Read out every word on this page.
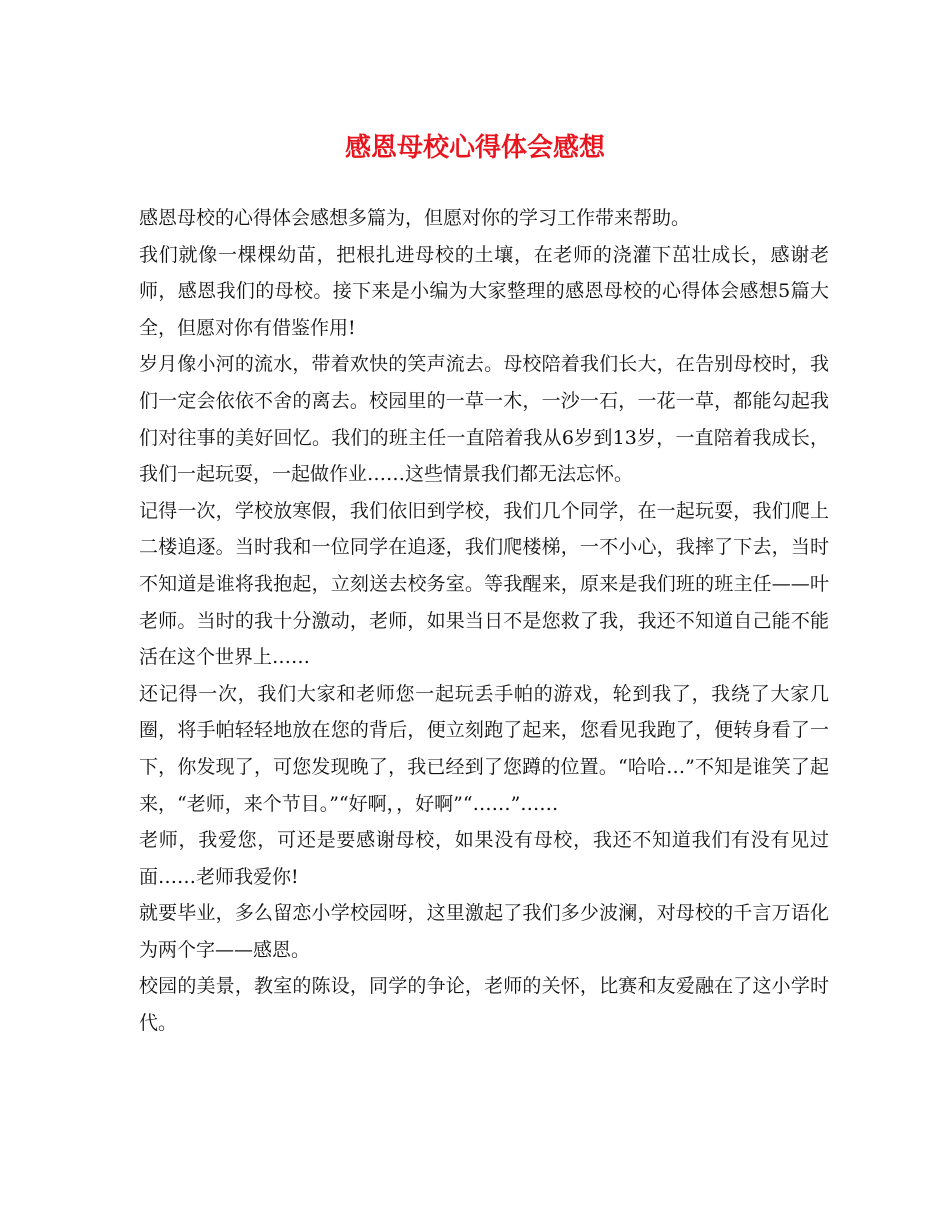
感恩母校心得体会感想

感恩母校的心得体会感想多篇为，但愿对你的学习工作带来帮助。

我们就像一棵棵幼苗，把根扎进母校的土壤，在老师的浇灌下茁壮成长，感谢老师，感恩我们的母校。接下来是小编为大家整理的感恩母校的心得体会感想5篇大全，但愿对你有借鉴作用!

岁月像小河的流水，带着欢快的笑声流去。母校陪着我们长大，在告别母校时，我们一定会依依不舍的离去。校园里的一草一木，一沙一石，一花一草，都能勾起我们对往事的美好回忆。我们的班主任一直陪着我从6岁到13岁，一直陪着我成长，我们一起玩耍，一起做作业……这些情景我们都无法忘怀。

记得一次，学校放寒假，我们依旧到学校，我们几个同学，在一起玩耍，我们爬上二楼追逐。当时我和一位同学在追逐，我们爬楼梯，一不小心，我摔了下去，当时不知道是谁将我抱起，立刻送去校务室。等我醒来，原来是我们班的班主任——叶老师。当时的我十分激动，老师，如果当日不是您救了我，我还不知道自己能不能活在这个世界上……

还记得一次，我们大家和老师您一起玩丢手帕的游戏，轮到我了，我绕了大家几圈，将手帕轻轻地放在您的背后，便立刻跑了起来，您看见我跑了，便转身看了一下，你发现了，可您发现晚了，我已经到了您蹲的位置。“哈哈…”不知是谁笑了起来，“老师，来个节目。”“好啊，，好啊”“……”……

老师，我爱您，可还是要感谢母校，如果没有母校，我还不知道我们有没有见过面……老师我爱你!

就要毕业，多么留恋小学校园呀，这里激起了我们多少波澜，对母校的千言万语化为两个字——感恩。

校园的美景，教室的陈设，同学的争论，老师的关怀，比赛和友爱融在了这小学时代。
